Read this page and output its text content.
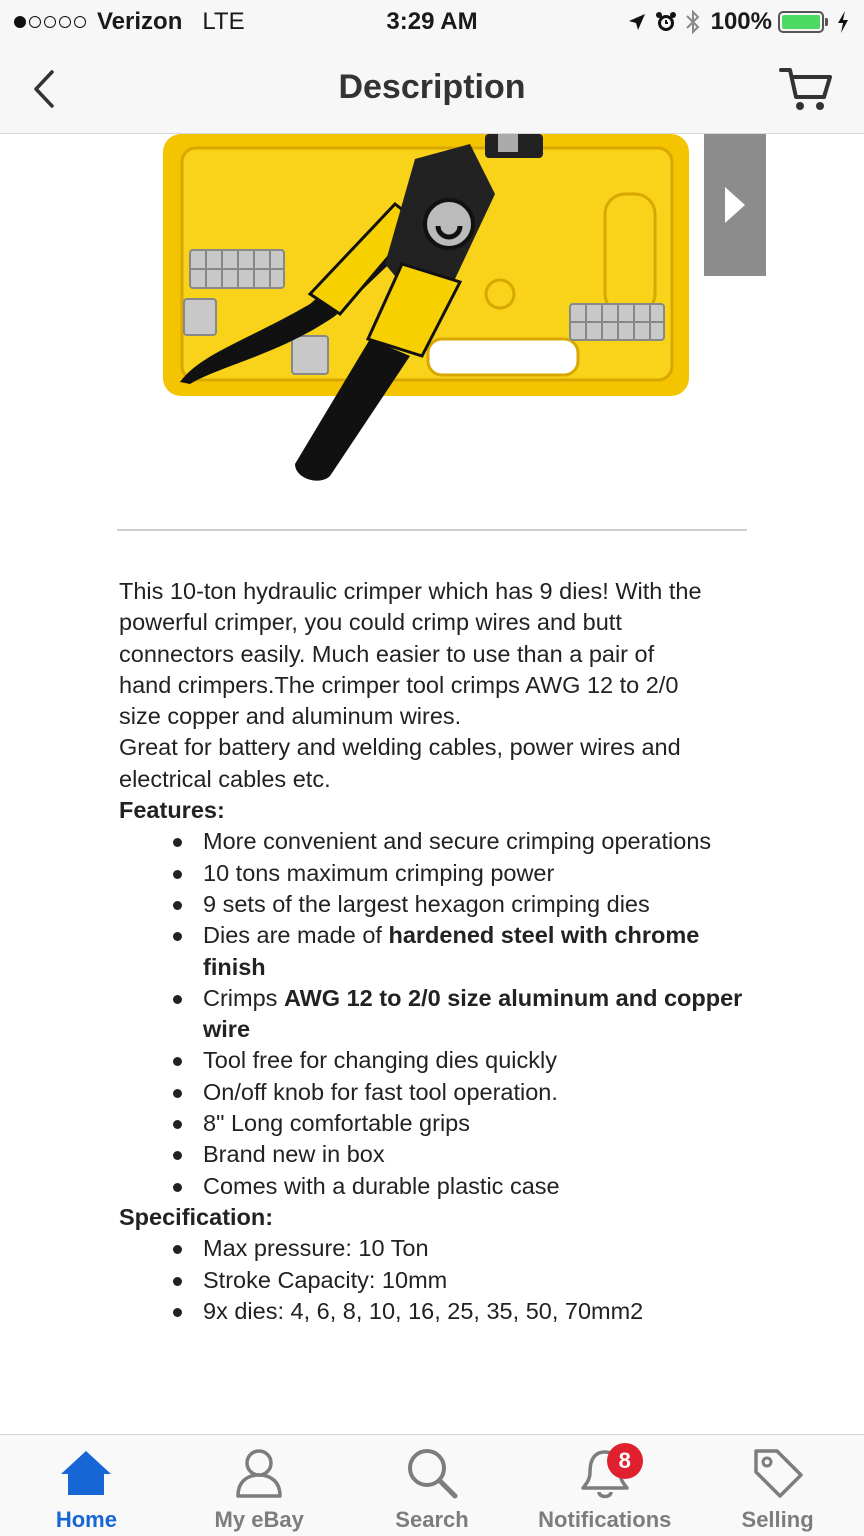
Verizon LTE	3:29 AM	100%
Description

This 10-ton hydraulic crimper which has 9 dies! With the
powerful crimper, you could crimp wires and butt
connectors easily. Much easier to use than a pair of
hand crimpers.The crimper tool crimps AWG 12 to 2/0
size copper and aluminum wires.
Great for battery and welding cables, power wires and
electrical cables etc.

Features:

More convenient and secure crimping operations
10 tons maximum crimping power
9 sets of the largest hexagon crimping dies
Dies are made of hardened steel with chrome finish
Crimps AWG 12 to 2/0 size aluminum and copper wire
Tool free for changing dies quickly
On/off knob for fast tool operation.
8" Long comfortable grips
Brand new in box
Comes with a durable plastic case

Specification:

Max pressure: 10 Ton
Stroke Capacity: 10mm
9x dies: 4, 6, 8, 10, 16, 25, 35, 50, 70mm2
Home	My eBay	Search
8
Notifications	Selling
